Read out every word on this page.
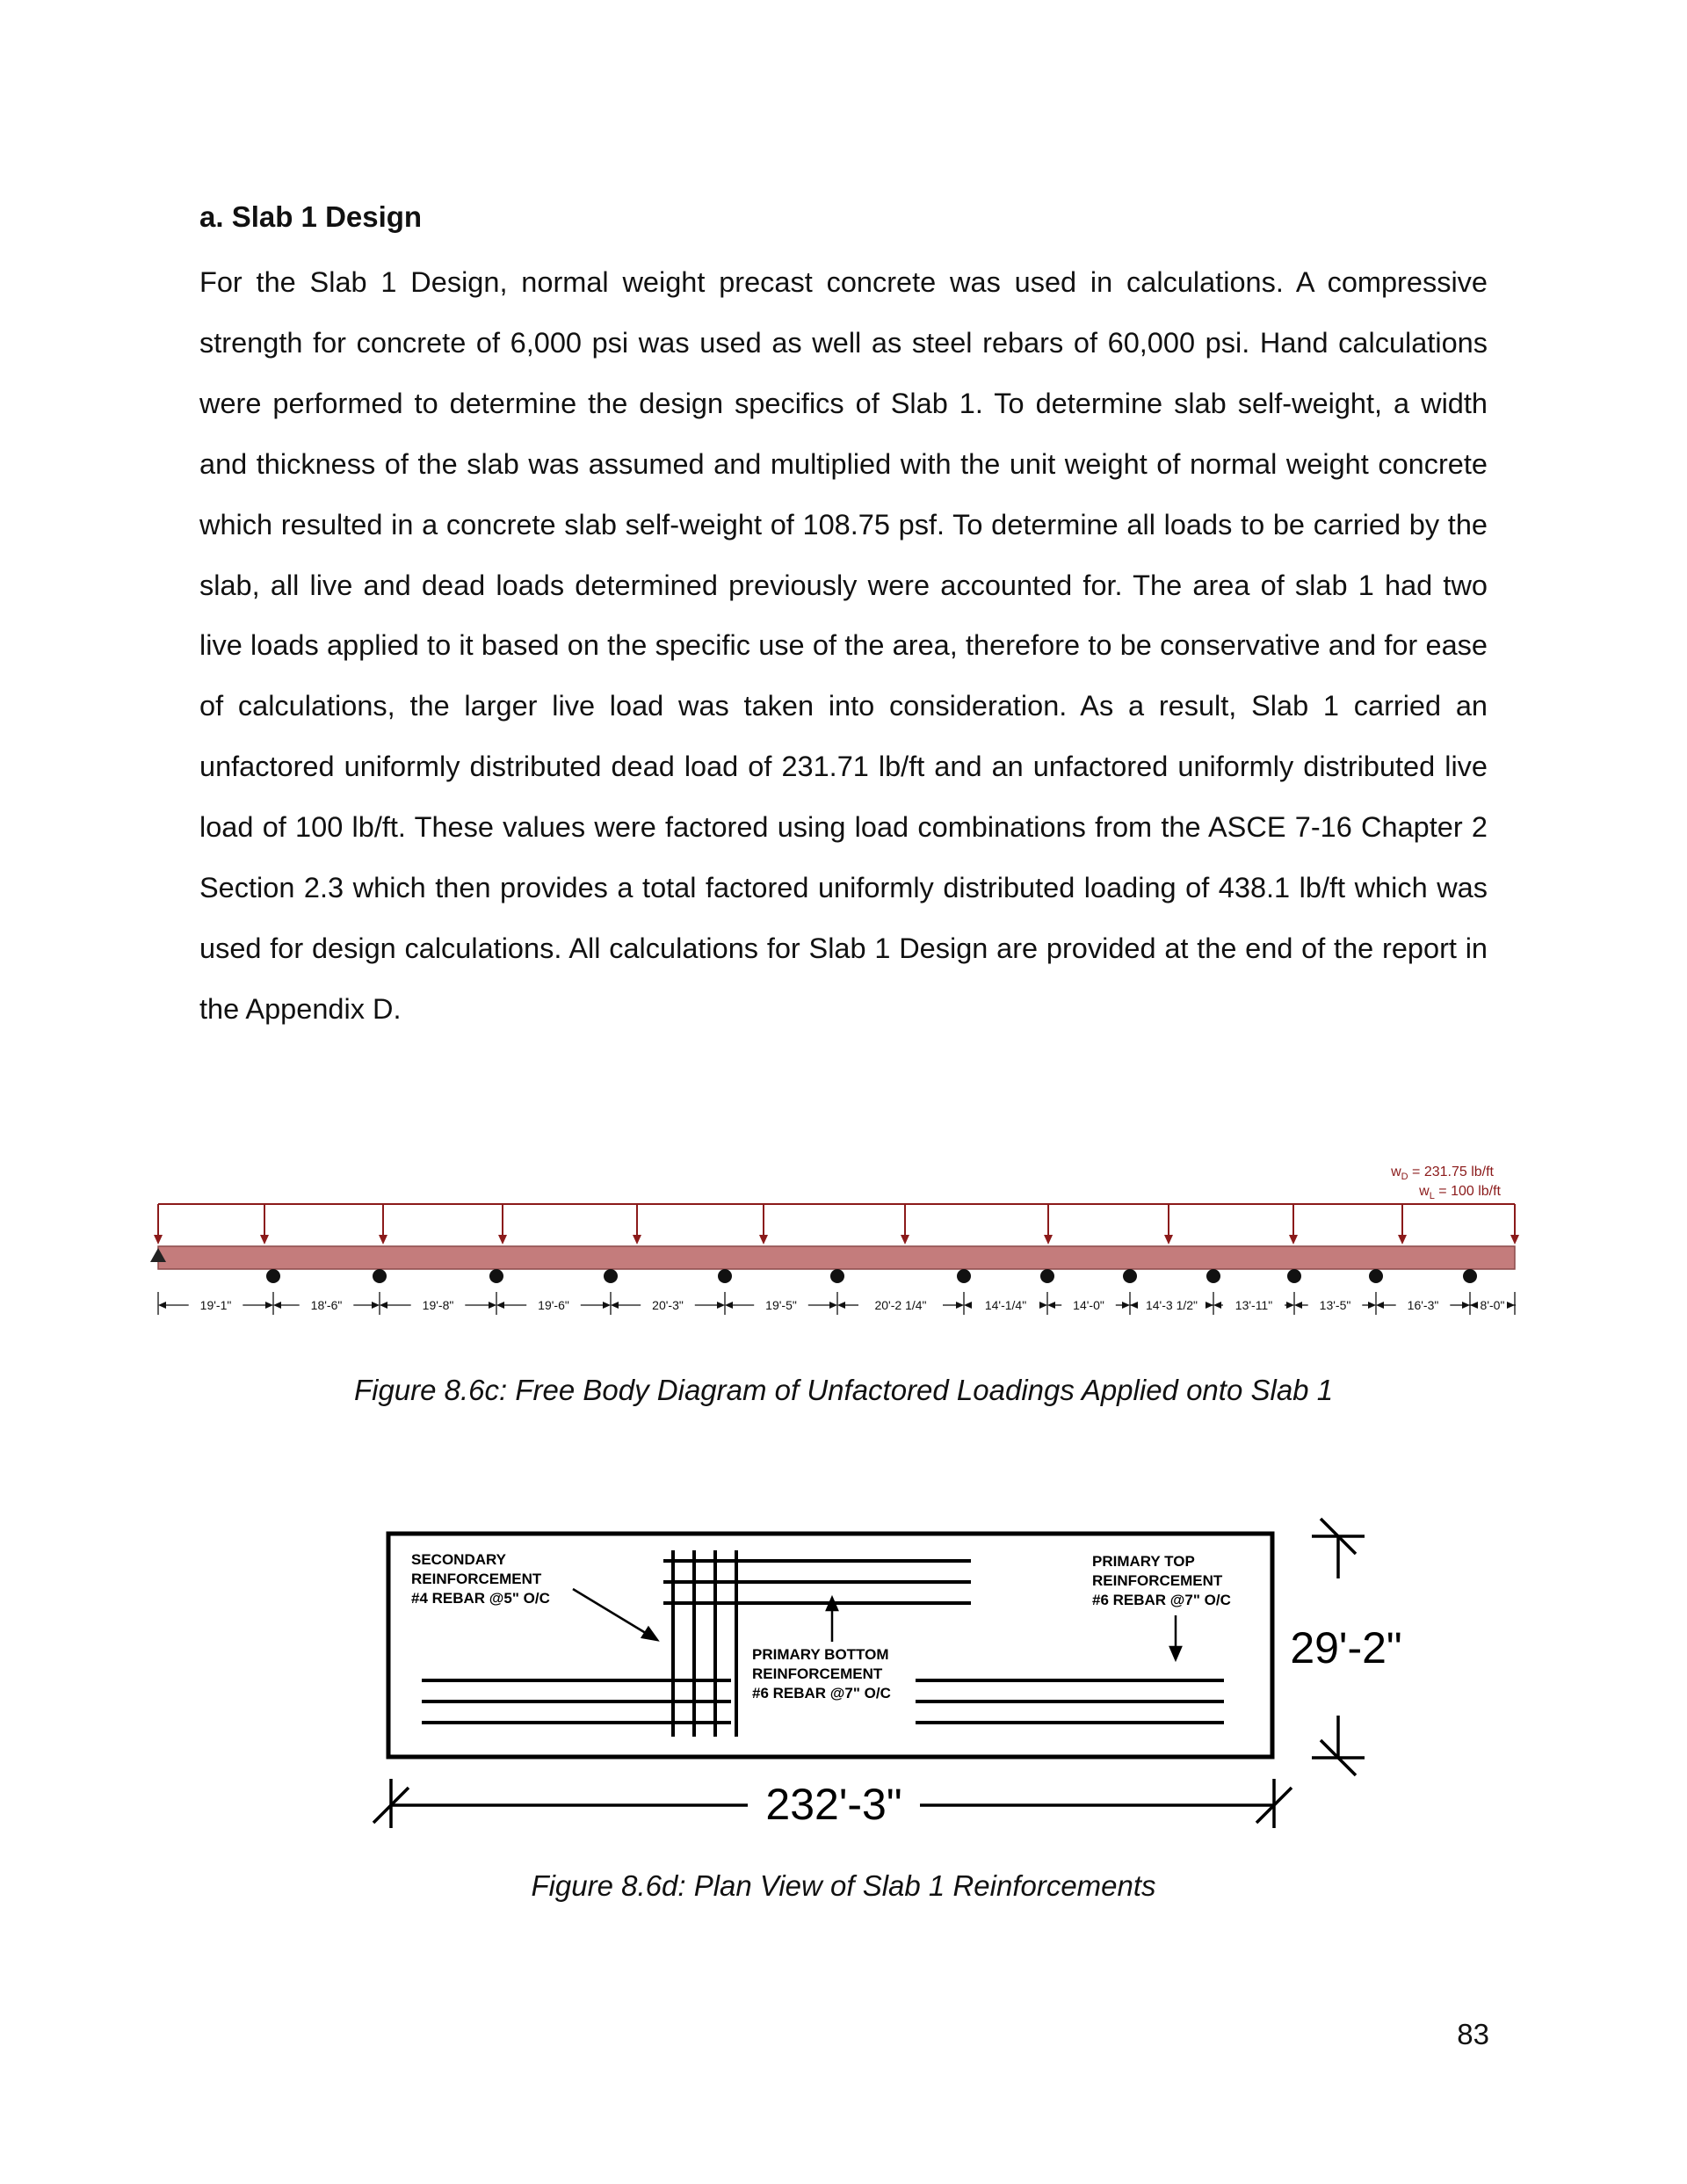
a. Slab 1 Design

For the Slab 1 Design, normal weight precast concrete was used in calculations. A compressive strength for concrete of 6,000 psi was used as well as steel rebars of 60,000 psi. Hand calculations were performed to determine the design specifics of Slab 1. To determine slab self-weight, a width and thickness of the slab was assumed and multiplied with the unit weight of normal weight concrete which resulted in a concrete slab self-weight of 108.75 psf. To determine all loads to be carried by the slab, all live and dead loads determined previously were accounted for. The area of slab 1 had two live loads applied to it based on the specific use of the area, therefore to be conservative and for ease of calculations, the larger live load was taken into consideration. As a result, Slab 1 carried an unfactored uniformly distributed dead load of 231.71 lb/ft and an unfactored uniformly distributed live load of 100 lb/ft. These values were factored using load combinations from the ASCE 7-16 Chapter 2 Section 2.3 which then provides a total factored uniformly distributed loading of 438.1 lb/ft which was used for design calculations. All calculations for Slab 1 Design are provided at the end of the report in the Appendix D.

$w_D = 231.75$ lb/ft
$w_L = 100$ lb/ft
19'-1"	18'-6"	19'-8"	19'-6"	20'-3"	19'-5"	20'-2 1/4"	14'-1/4"	14'-0"	14'-3 1/2"	13'-11"	13'-5"	16'-3"	8'-0"

Figure 8.6c: Free Body Diagram of Unfactored Loadings Applied onto Slab 1

SECONDARY
REINFORCEMENT
#4 REBAR @5" O/C
PRIMARY BOTTOM
REINFORCEMENT
#6 REBAR @7" O/C
PRIMARY TOP
REINFORCEMENT
#6 REBAR @7" O/C
232'-3"
29'-2"

Figure 8.6d: Plan View of Slab 1 Reinforcements

83
